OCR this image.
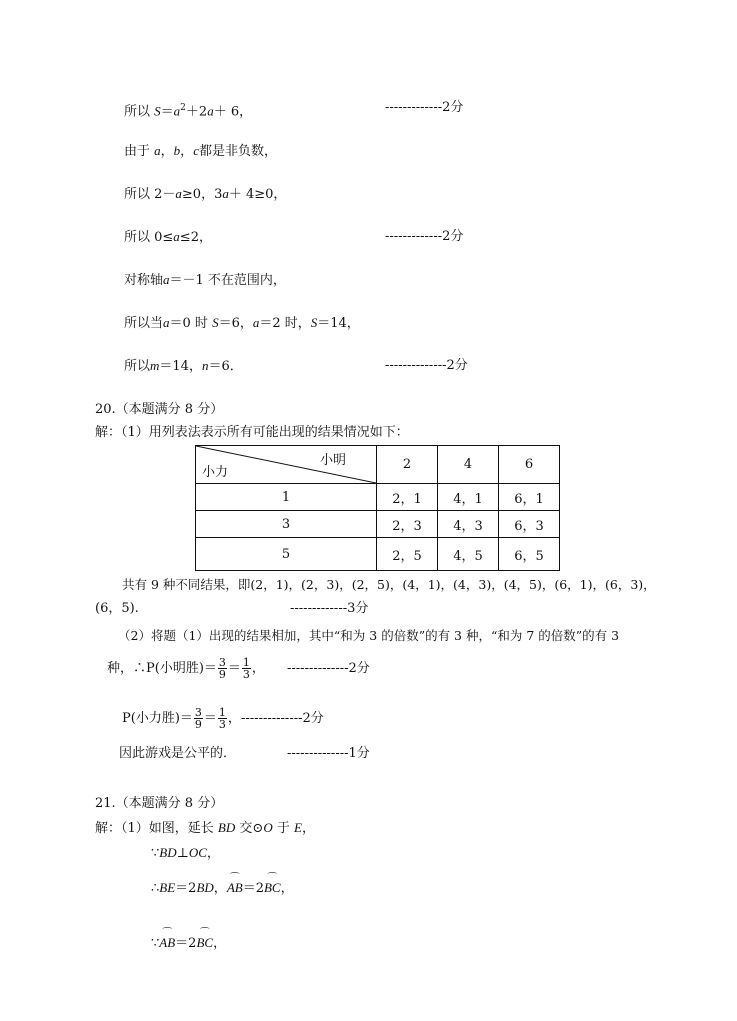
所以 $S=a^2+2a+ 6$，	-------------2分
由于 a，b，c都是非负数，
所以 2－a≥0，3a＋ 4≥0，
所以 0≤a≤2，	-------------2分
对称轴a＝－1 不在范围内，
所以当a＝0 时 S＝6，a＝2 时，S＝14，
所以m＝14，n＝6．	--------------2分
20.（本题满分 8 分）
解：（1）用列表法表示所有可能出现的结果情况如下：
小明
小力	2	4	6
1	2，1	4，1	6，1
3	2，3	4，3	6，3
5	2，5	4，5	6，5
共有 9 种不同结果，即(2，1)，(2，3)，(2，5)，(4，1)，(4，3)，(4，5)，(6，1)，(6，3)，
(6，5).	-------------3分
（2）将题（1）出现的结果相加，其中“和为 3 的倍数”的有 3 种，“和为 7 的倍数”的有 3
种，∴P(小明胜)＝ $\frac{3}{9} = \frac{1}{3}$ ， --------------2分
P(小力胜)＝ $\frac{3}{9} = \frac{1}{3}$ ， --------------2分
因此游戏是公平的．	--------------1分
21.（本题满分 8 分）
解：（1）如图，延长 BD 交⊙O 于 E，
∵BD⊥OC，
∴BE＝2BD，⌒ AB＝2⌒ BC，
∵⌒ AB＝2⌒ BC，
